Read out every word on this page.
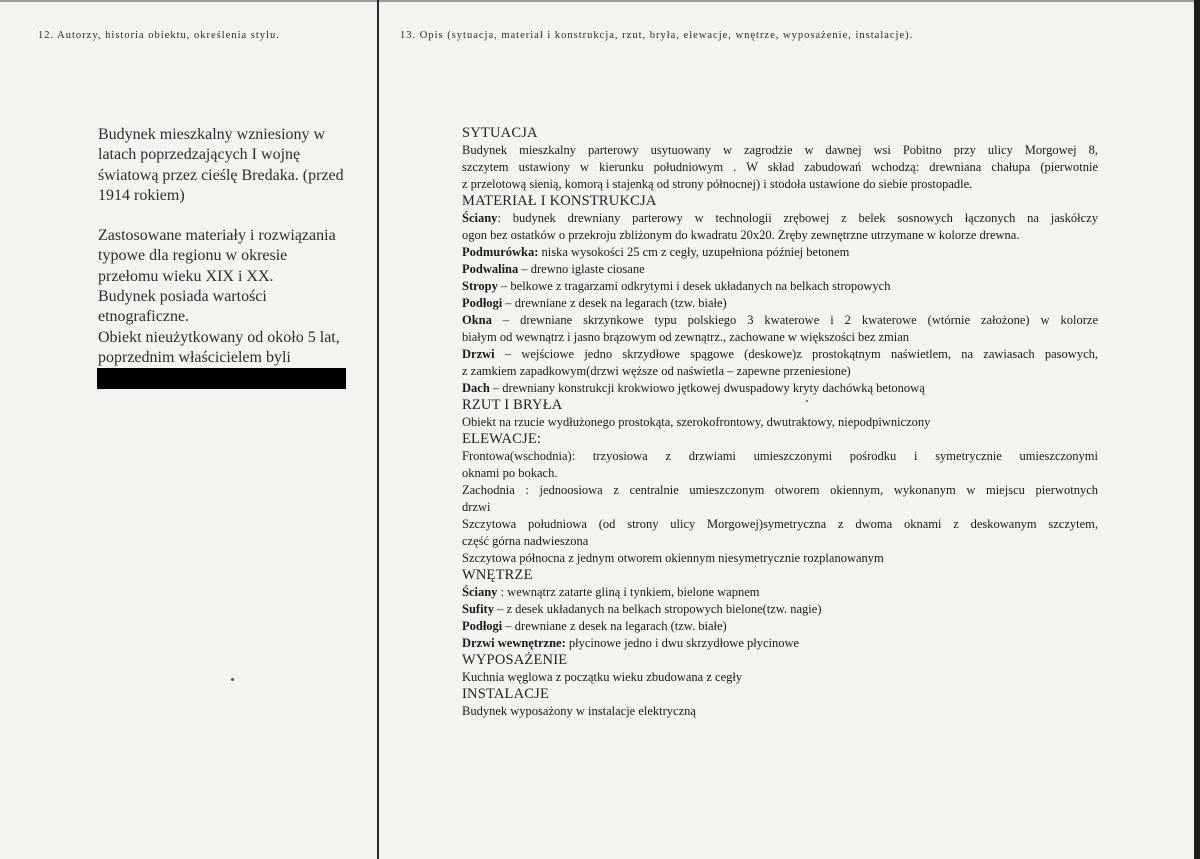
12. Autorzy, historia obiektu, określenia stylu.	13. Opis (sytuacja, materiał i konstrukcja, rzut, bryła, elewacje, wnętrze, wyposażenie, instalacje).
Budynek mieszkalny wzniesiony w
latach poprzedzających I wojnę
światową przez cieślę Bredaka. (przed
1914 rokiem)
Zastosowane materiały i rozwiązania
typowe dla regionu w okresie
przełomu wieku XIX i XX.
Budynek posiada wartości
etnograficzne.
Obiekt nieużytkowany od około 5 lat,
poprzednim właścicielem byli
SYTUACJA
Budynek mieszkalny parterowy usytuowany w zagrodzie w dawnej wsi Pobitno przy ulicy Morgowej 8,
szczytem ustawiony w kierunku południowym . W skład zabudowań wchodzą: drewniana chałupa (pierwotnie
z przelotową sienią, komorą i stajenką od strony północnej) i stodoła ustawione do siebie prostopadle.
MATERIAŁ I KONSTRUKCJA
Ściany: budynek drewniany parterowy w technologii zrębowej z belek sosnowych łączonych na jaskółczy
ogon bez ostatków o przekroju zbliżonym do kwadratu 20x20. Zręby zewnętrzne utrzymane w kolorze drewna.
Podmurówka: niska wysokości 25 cm z cegły, uzupełniona później betonem
Podwalina – drewno iglaste ciosane
Stropy – belkowe z tragarzami odkrytymi i desek układanych na belkach stropowych
Podłogi – drewniane z desek na legarach (tzw. białe)
Okna – drewniane skrzynkowe typu polskiego 3 kwaterowe i 2 kwaterowe (wtórnie założone) w kolorze
białym od wewnątrz i jasno brązowym od zewnątrz., zachowane w większości bez zmian
Drzwi – wejściowe jedno skrzydłowe spągowe (deskowe)z prostokątnym naświetlem, na zawiasach pasowych,
z zamkiem zapadkowym(drzwi węższe od naświetla – zapewne przeniesione)
Dach – drewniany konstrukcji krokwiowo jętkowej dwuspadowy kryty dachówką betonową
RZUT I BRYŁA
Obiekt na rzucie wydłużonego prostokąta, szerokofrontowy, dwutraktowy, niepodpiwniczony
ELEWACJE:
Frontowa(wschodnia): trzyosiowa z drzwiami umieszczonymi pośrodku i symetrycznie umieszczonymi
oknami po bokach.
Zachodnia : jednoosiowa z centralnie umieszczonym otworem okiennym, wykonanym w miejscu pierwotnych
drzwi
Szczytowa południowa (od strony ulicy Morgowej)symetryczna z dwoma oknami z deskowanym szczytem,
część górna nadwieszona
Szczytowa północna z jednym otworem okiennym niesymetrycznie rozplanowanym
WNĘTRZE
Ściany : wewnątrz zatarte gliną i tynkiem, bielone wapnem
Sufity – z desek układanych na belkach stropowych bielone(tzw. nagie)
Podłogi – drewniane z desek na legarach (tzw. białe)
Drzwi wewnętrzne: płycinowe jedno i dwu skrzydłowe płycinowe
WYPOSAŻENIE
Kuchnia węglowa z początku wieku zbudowana z cegły
INSTALACJE
Budynek wyposażony w instalacje elektryczną
